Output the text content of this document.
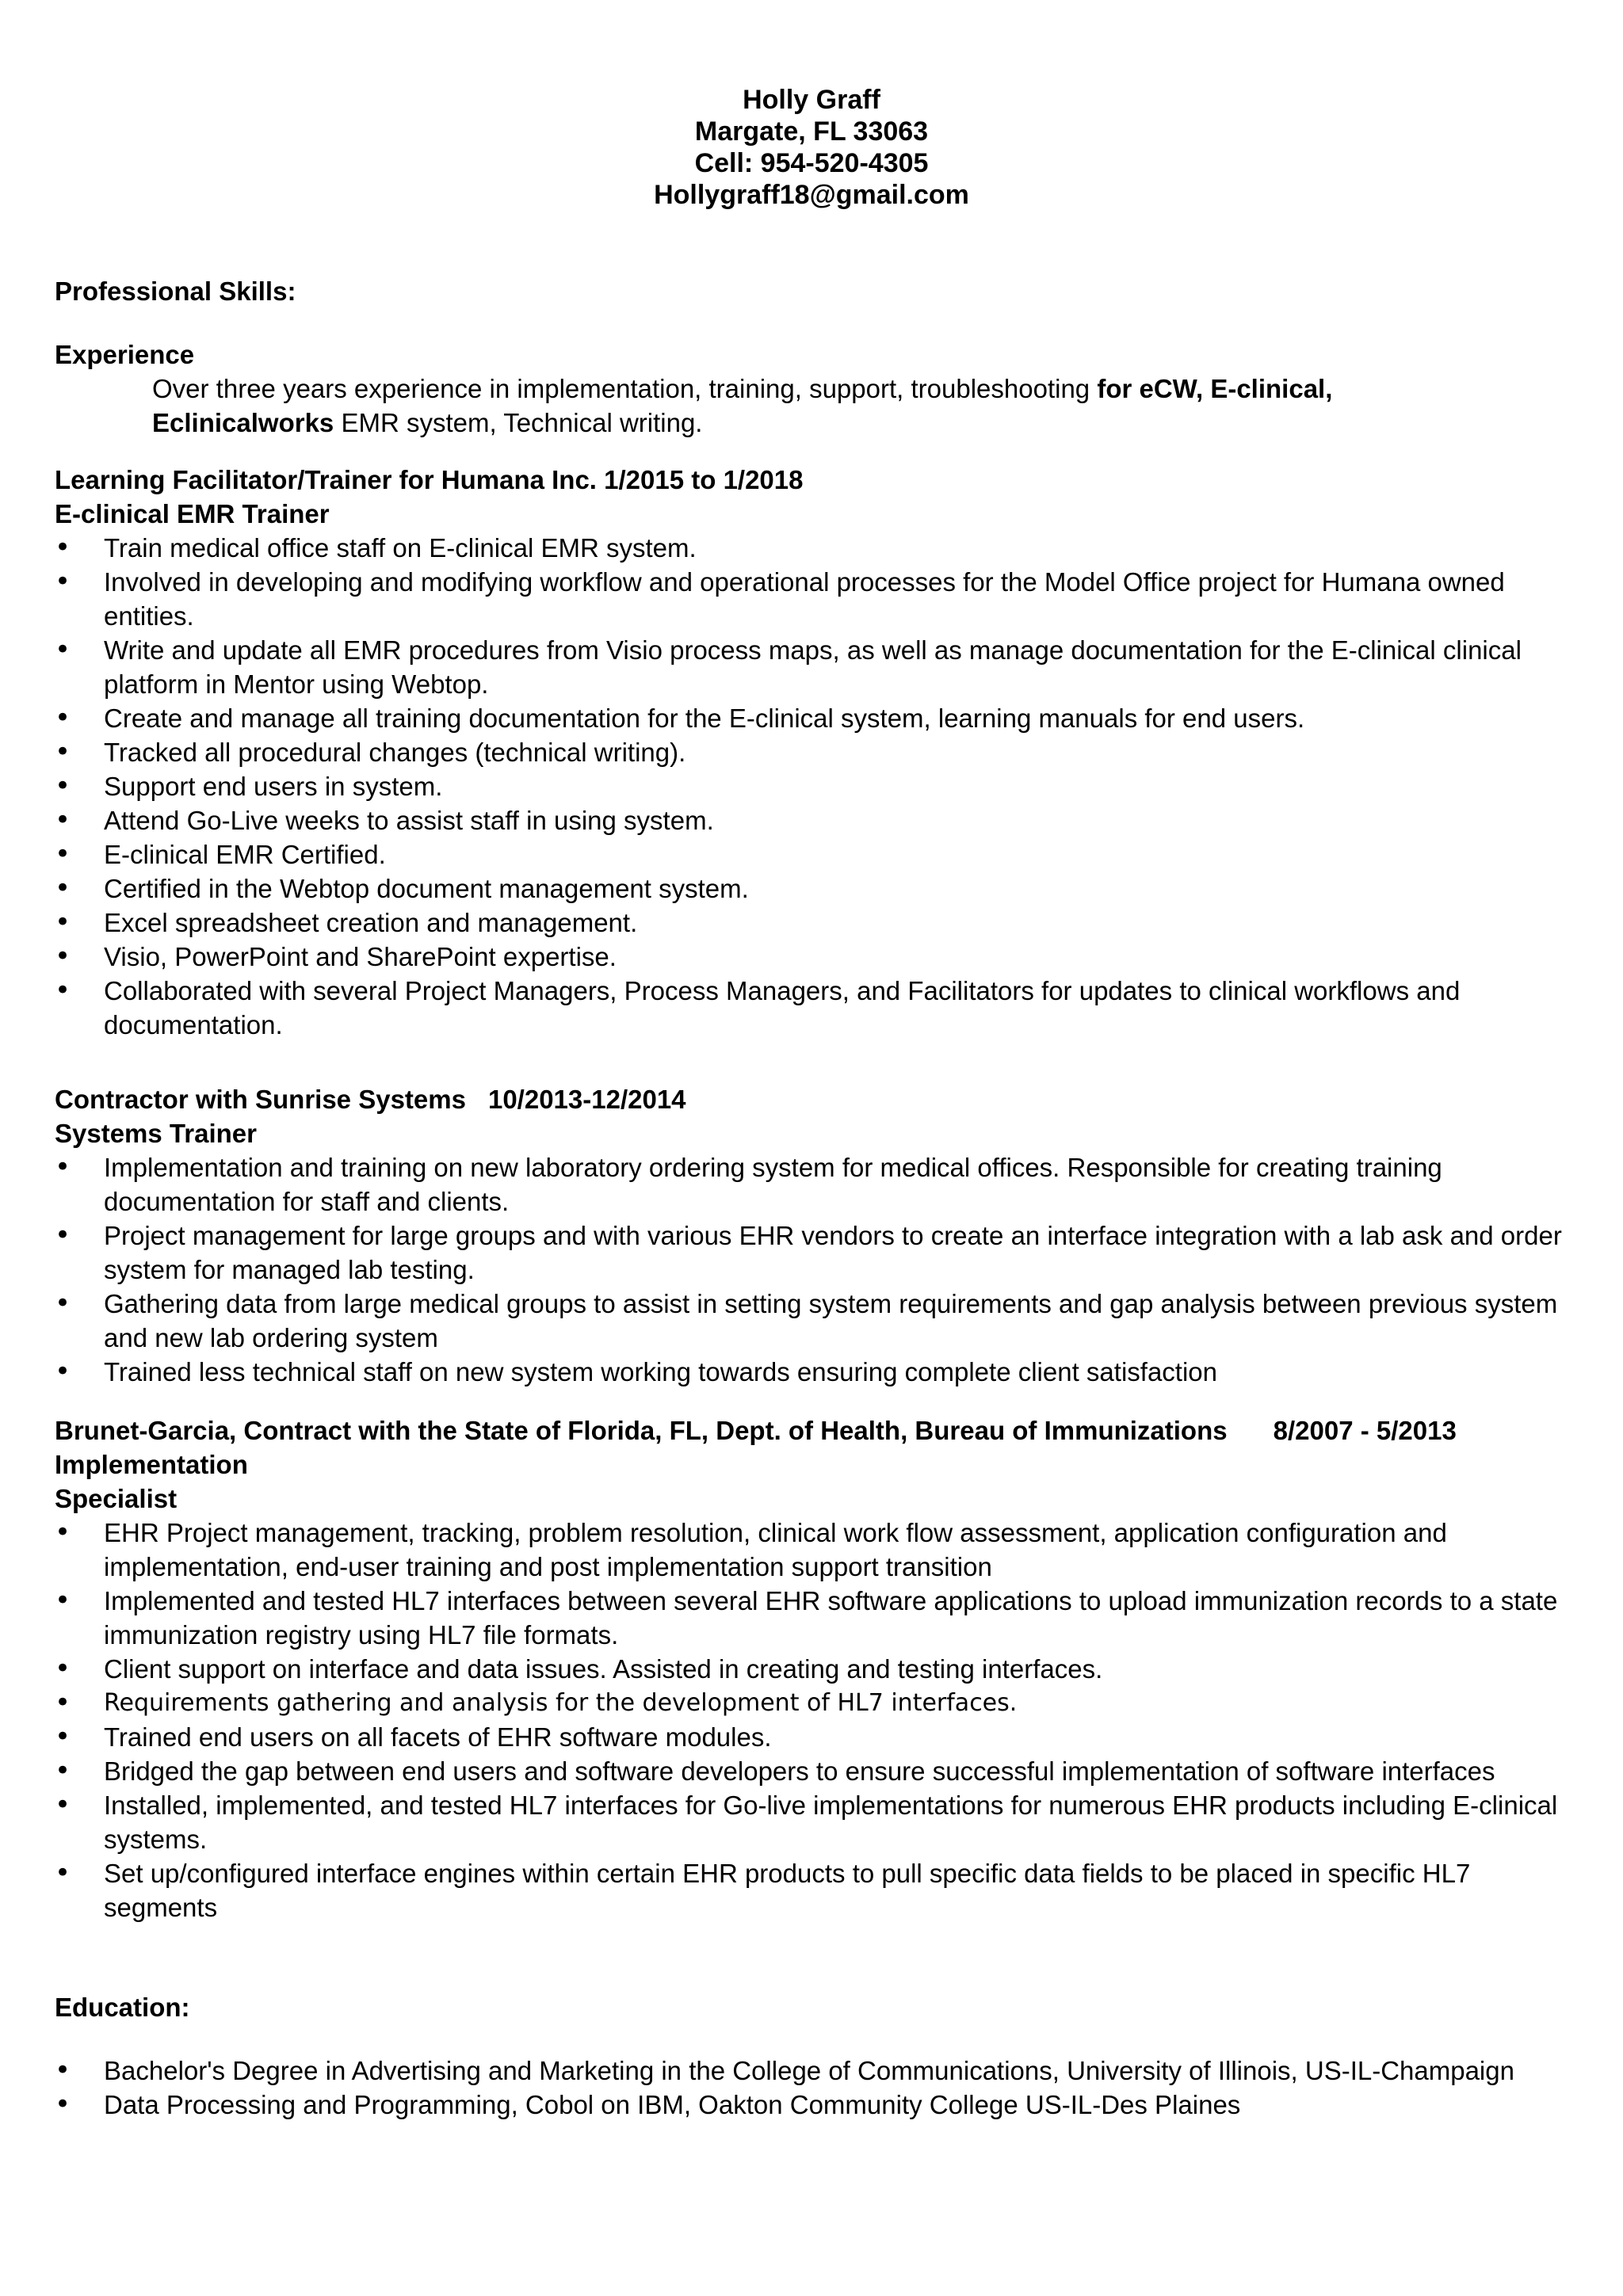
Holly Graff
Margate, FL 33063
Cell: 954-520-4305
Hollygraff18@gmail.com
Professional Skills:
Experience
Over three years experience in implementation, training, support, troubleshooting for eCW, E-clinical,
Eclinicalworks EMR system, Technical writing.
Learning Facilitator/Trainer for Humana Inc. 1/2015 to 1/2018
E-clinical EMR Trainer
• Train medical office staff on E-clinical EMR system.
• Involved in developing and modifying workflow and operational processes for the Model Office project for Humana owned entities.
• Write and update all EMR procedures from Visio process maps, as well as manage documentation for the E-clinical clinical platform in Mentor using Webtop.
• Create and manage all training documentation for the E-clinical system, learning manuals for end users.
• Tracked all procedural changes (technical writing).
• Support end users in system.
• Attend Go-Live weeks to assist staff in using system.
• E-clinical EMR Certified.
• Certified in the Webtop document management system.
• Excel spreadsheet creation and management.
• Visio, PowerPoint and SharePoint expertise.
• Collaborated with several Project Managers, Process Managers, and Facilitators for updates to clinical workflows and documentation.
Contractor with Sunrise Systems 10/2013-12/2014
Systems Trainer
• Implementation and training on new laboratory ordering system for medical offices. Responsible for creating training documentation for staff and clients.
• Project management for large groups and with various EHR vendors to create an interface integration with a lab ask and order system for managed lab testing.
• Gathering data from large medical groups to assist in setting system requirements and gap analysis between previous system and new lab ordering system
• Trained less technical staff on new system working towards ensuring complete client satisfaction
Brunet-Garcia, Contract with the State of Florida, FL, Dept. of Health, Bureau of Immunizations 8/2007 - 5/2013
Implementation
Specialist
• EHR Project management, tracking, problem resolution, clinical work flow assessment, application configuration and implementation, end-user training and post implementation support transition
• Implemented and tested HL7 interfaces between several EHR software applications to upload immunization records to a state immunization registry using HL7 file formats.
• Client support on interface and data issues. Assisted in creating and testing interfaces.
• Requirements gathering and analysis for the development of HL7 interfaces.
• Trained end users on all facets of EHR software modules.
• Bridged the gap between end users and software developers to ensure successful implementation of software interfaces
• Installed, implemented, and tested HL7 interfaces for Go-live implementations for numerous EHR products including E-clinical systems.
• Set up/configured interface engines within certain EHR products to pull specific data fields to be placed in specific HL7 segments
Education:
• Bachelor's Degree in Advertising and Marketing in the College of Communications, University of Illinois, US-IL-Champaign
• Data Processing and Programming, Cobol on IBM, Oakton Community College US-IL-Des Plaines
